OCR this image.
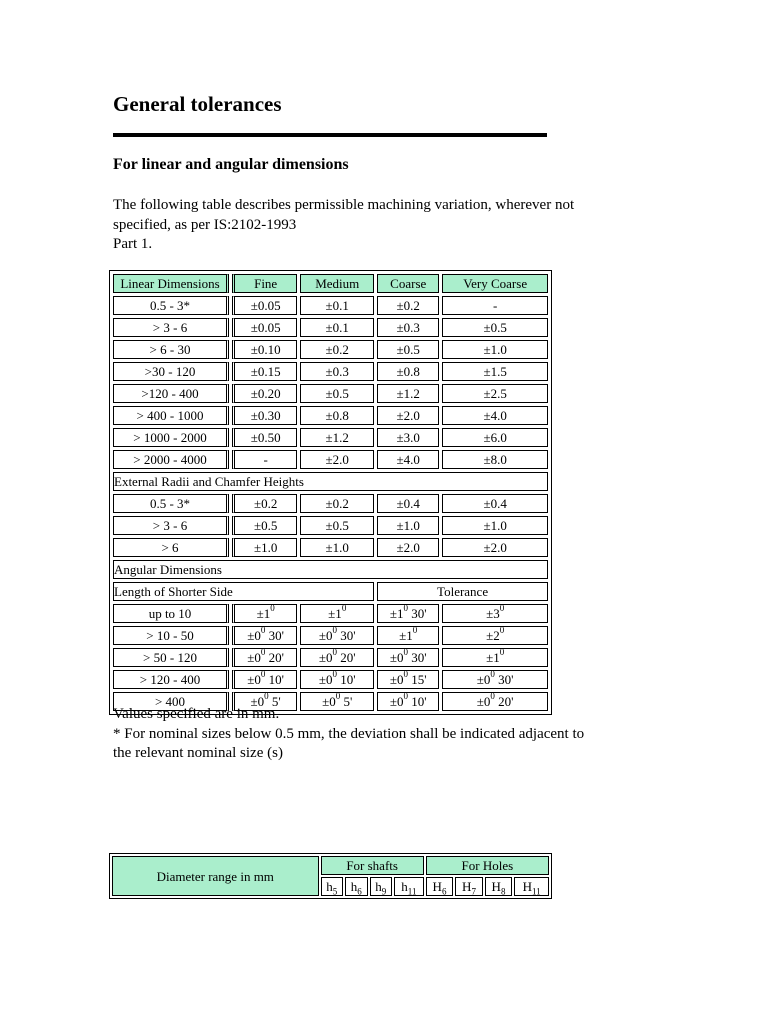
General tolerances
For linear and angular dimensions
The following table describes permissible machining variation, wherever not
specified, as per IS:2102-1993
Part 1.
Linear Dimensions	Fine	Medium	Coarse	Very Coarse
0.5 - 3*	±0.05	±0.1	±0.2	-
> 3 - 6	±0.05	±0.1	±0.3	±0.5
> 6 - 30	±0.10	±0.2	±0.5	±1.0
>30 - 120	±0.15	±0.3	±0.8	±1.5
>120 - 400	±0.20	±0.5	±1.2	±2.5
> 400 - 1000	±0.30	±0.8	±2.0	±4.0
> 1000 - 2000	±0.50	±1.2	±3.0	±6.0
> 2000 - 4000	-	±2.0	±4.0	±8.0
External Radii and Chamfer Heights				
0.5 - 3*	±0.2	±0.2	±0.4	±0.4
> 3 - 6	±0.5	±0.5	±1.0	±1.0
> 6	±1.0	±1.0	±2.0	±2.0
Angular Dimensions				
Length of Shorter Side			Tolerance	
up to 10	$\pm 1^0$	$\pm 1^0$	$\pm 1^0$ 30'	$\pm 3^0$
> 10 - 50	$\pm 0^0$ 30'	$\pm 0^0$ 30'	$\pm 1^0$	$\pm 2^0$
> 50 - 120	$\pm 0^0$ 20'	$\pm 0^0$ 20'	$\pm 0^0$ 30'	$\pm 1^0$
> 120 - 400	$\pm 0^0$ 10'	$\pm 0^0$ 10'	$\pm 0^0$ 15'	$\pm 0^0$ 30'
> 400	$\pm 0^0$ 5'	$\pm 0^0$ 5'	$\pm 0^0$ 10'	$\pm 0^0$ 20'
Values specified are in mm.
* For nominal sizes below 0.5 mm, the deviation shall be indicated adjacent to
the relevant nominal size (s)
Diameter range in mm	For shafts				For Holes			
	$h_5$	$h_6$	$h_9$	$h_{11}$	$H_6$	$H_7$	$H_8$	$H_{11}$
